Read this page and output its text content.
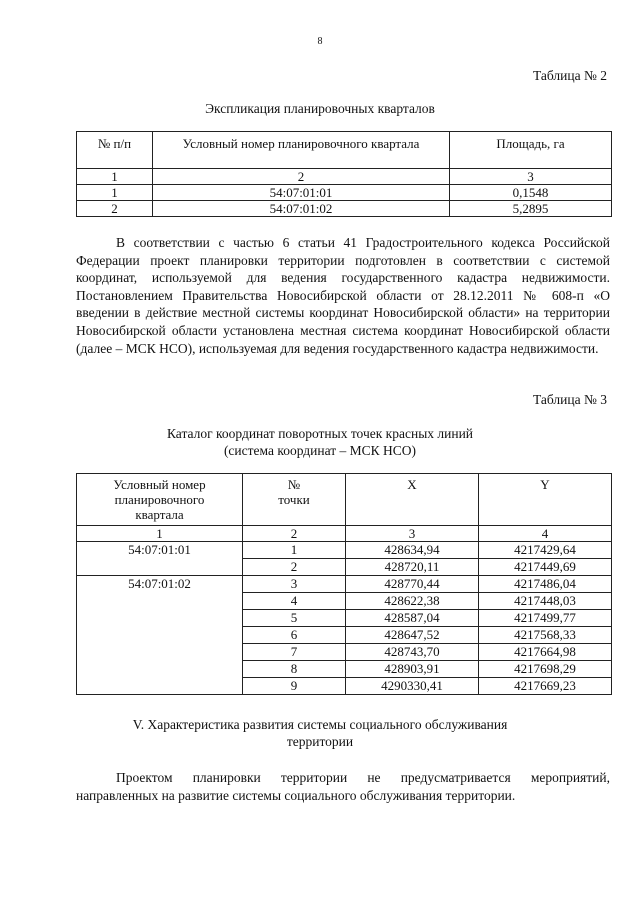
8
Таблица № 2
Экспликация планировочных кварталов
№ п/п	Условный номер планировочного квартала	Площадь, га
1	2	3
1	54:07:01:01	0,1548
2	54:07:01:02	5,2895
В соответствии с частью 6 статьи 41 Градостроительного кодекса Российской Федерации проект планировки территории подготовлен в соответствии с системой координат, используемой для ведения государственного кадастра недвижимости. Постановлением Правительства Новосибирской области от 28.12.2011 № 608-п «О введении в действие местной системы координат Новосибирской области» на территории Новосибирской области установлена местная система координат Новосибирской области (далее – МСК НСО), используемая для ведения государственного кадастра недвижимости.
Таблица № 3
Каталог координат поворотных точек красных линий
(система координат – МСК НСО)
Условный номер планировочного квартала	№ точки	X	Y
1	2	3	4
54:07:01:01	1	428634,94	4217429,64
	2	428720,11	4217449,69
54:07:01:02	3	428770,44	4217486,04
	4	428622,38	4217448,03
	5	428587,04	4217499,77
	6	428647,52	4217568,33
	7	428743,70	4217664,98
	8	428903,91	4217698,29
	9	4290330,41	4217669,23
V. Характеристика развития системы социального обслуживания
территории
Проектом планировки территории не предусматривается мероприятий, направленных на развитие системы социального обслуживания территории.
